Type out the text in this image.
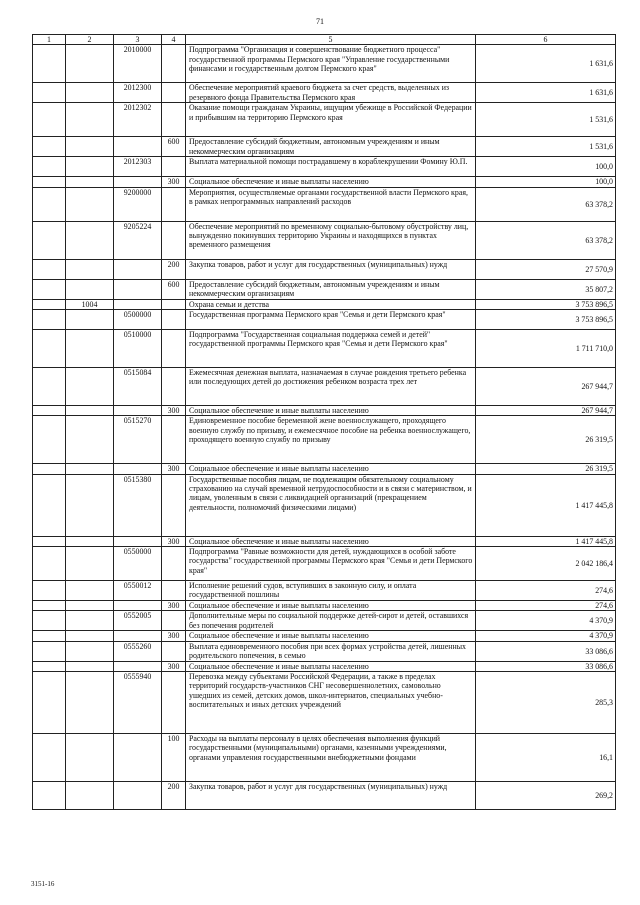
71
1	2	3	4	5	6
		2010000		Подпрограмма "Организация и совершенствование бюджетного процесса" государственной программы Пермского края "Управление государственными финансами и государственным долгом Пермского края"	1 631,6
		2012300		Обеспечение мероприятий краевого бюджета за счет средств, выделенных из резервного фонда Правительства Пермского края	1 631,6
		2012302		Оказание помощи гражданам Украины, ищущим убежище в Российской Федерации и прибывшим на территорию Пермского края	1 531,6
			600	Предоставление субсидий бюджетным, автономным учреждениям и иным некоммерческим организациям	1 531,6
		2012303		Выплата материальной помощи пострадавшему в кораблекрушении Фомину Ю.П.	100,0
			300	Социальное обеспечение и иные выплаты населению	100,0
		9200000		Мероприятия, осуществляемые органами государственной власти Пермского края, в рамках непрограммных направлений расходов	63 378,2
		9205224		Обеспечение мероприятий по временному социально-бытовому обустройству лиц, вынужденно покинувших территорию Украины и находящихся в пунктах временного размещения	63 378,2
			200	Закупка товаров, работ и услуг для государственных (муниципальных) нужд	27 570,9
			600	Предоставление субсидий бюджетным, автономным учреждениям и иным некоммерческим организациям	35 807,2
	1004			Охрана семьи и детства	3 753 896,5
		0500000		Государственная программа Пермского края "Семья и дети Пермского края"	3 753 896,5
		0510000		Подпрограмма "Государственная социальная поддержка семей и детей" государственной программы Пермского края "Семья и дети Пермского края"	1 711 710,0
		0515084		Ежемесячная денежная выплата, назначаемая в случае рождения третьего ребенка или последующих детей до достижения ребенком возраста трех лет	267 944,7
			300	Социальное обеспечение и иные выплаты населению	267 944,7
		0515270		Единовременное пособие беременной жене военнослужащего, проходящего военную службу по призыву, и ежемесячное пособие на ребенка военнослужащего, проходящего военную службу по призыву	26 319,5
			300	Социальное обеспечение и иные выплаты населению	26 319,5
		0515380		Государственные пособия лицам, не подлежащим обязательному социальному страхованию на случай временной нетрудоспособности и в связи с материнством, и лицам, уволенным в связи с ликвидацией организаций (прекращением деятельности, полномочий физическими лицами)	1 417 445,8
			300	Социальное обеспечение и иные выплаты населению	1 417 445,8
		0550000		Подпрограмма "Равные возможности для детей, нуждающихся в особой заботе государства" государственной программы Пермского края "Семья и дети Пермского края"	2 042 186,4
		0550012		Исполнение решений судов, вступивших в законную силу, и оплата государственной пошлины	274,6
			300	Социальное обеспечение и иные выплаты населению	274,6
		0552005		Дополнительные меры по социальной поддержке детей-сирот и детей, оставшихся без попечения родителей	4 370,9
			300	Социальное обеспечение и иные выплаты населению	4 370,9
		0555260		Выплата единовременного пособия при всех формах устройства детей, лишенных родительского попечения, в семью	33 086,6
			300	Социальное обеспечение и иные выплаты населению	33 086,6
		0555940		Перевозка между субъектами Российской Федерации, а также в пределах территорий государств-участников СНГ несовершеннолетних, самовольно ушедших из семей, детских домов, школ-интернатов, специальных учебно-воспитательных и иных детских учреждений	285,3
			100	Расходы на выплаты персоналу в целях обеспечения выполнения функций государственными (муниципальными) органами, казенными учреждениями, органами управления государственными внебюджетными фондами	16,1
			200	Закупка товаров, работ и услуг для государственных (муниципальных) нужд	269,2
3151-16
